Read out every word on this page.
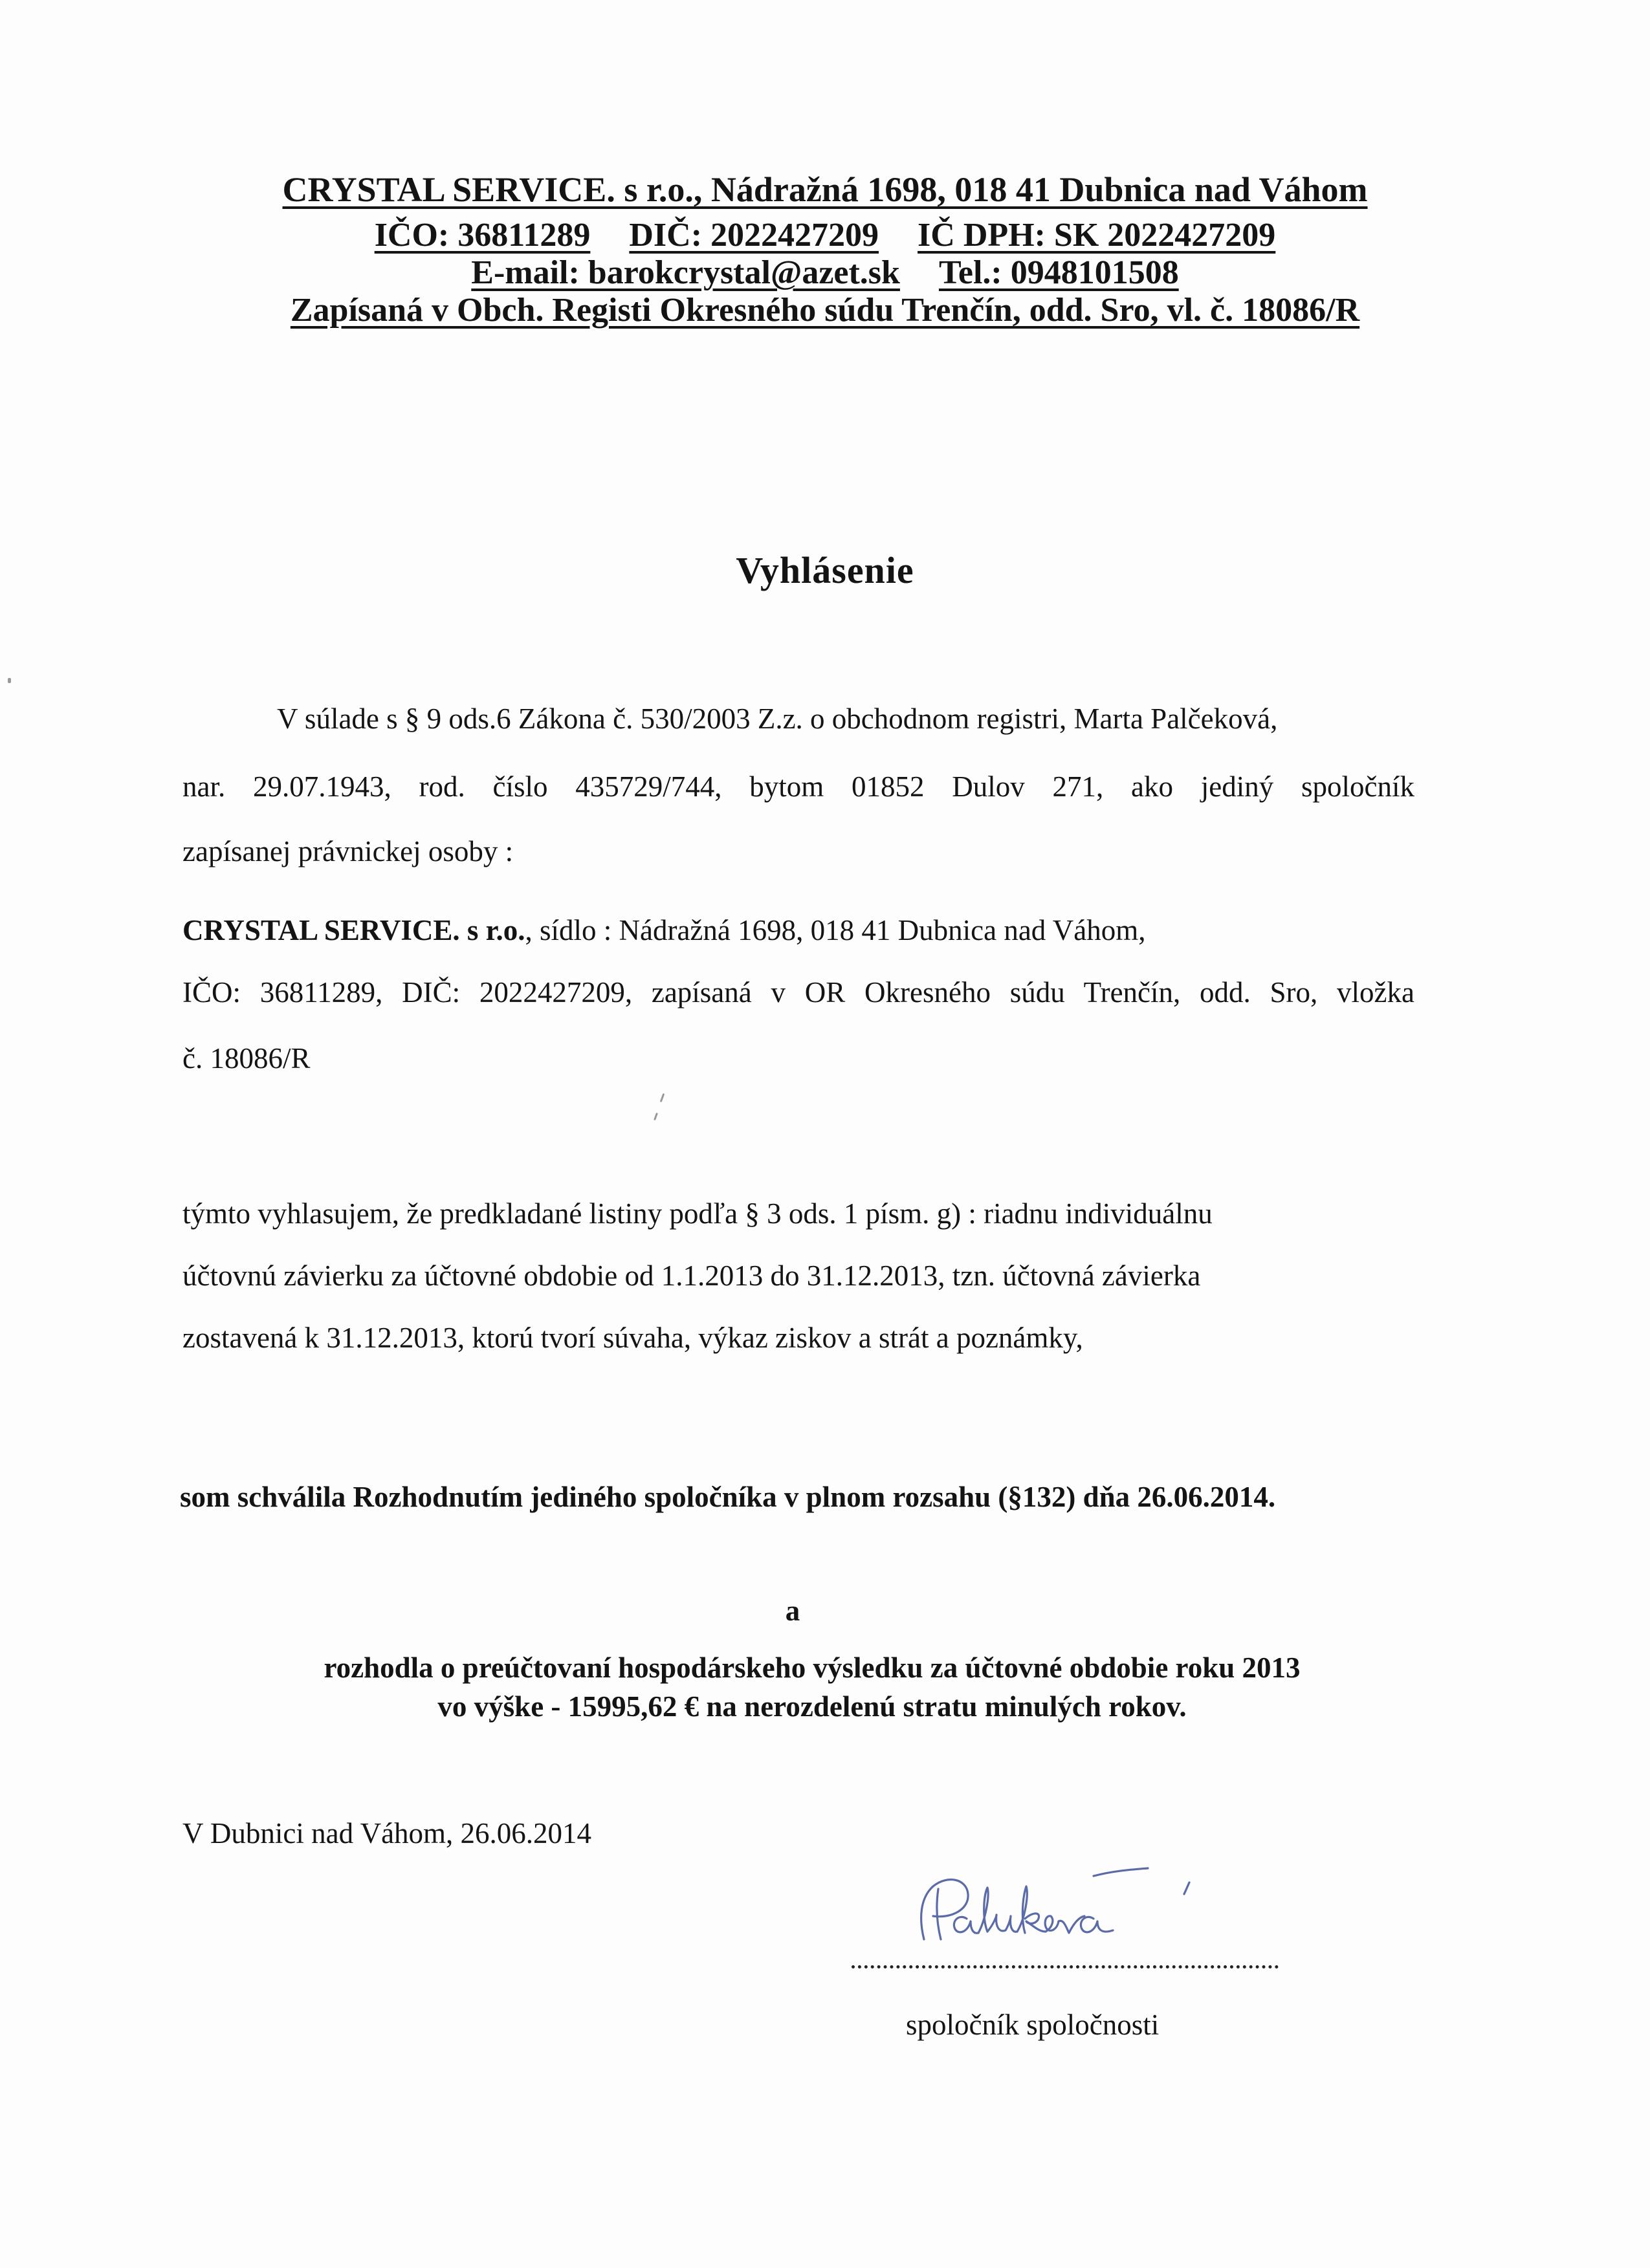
CRYSTAL SERVICE. s r.o., Nádražná 1698, 018 41 Dubnica nad Váhom
IČO: 36811289 DIČ: 2022427209 IČ DPH: SK 2022427209
E-mail: barokcrystal@azet.sk Tel.: 0948101508
Zapísaná v Obch. Registi Okresného súdu Trenčín, odd. Sro, vl. č. 18086/R
Vyhlásenie
V súlade s § 9 ods.6 Zákona č. 530/2003 Z.z. o obchodnom registri, Marta Palčeková,
nar. 29.07.1943, rod. číslo 435729/744, bytom 01852 Dulov 271, ako jediný spoločník
zapísanej právnickej osoby :
CRYSTAL SERVICE. s r.o., sídlo : Nádražná 1698, 018 41 Dubnica nad Váhom,
IČO: 36811289, DIČ: 2022427209, zapísaná v OR Okresného súdu Trenčín, odd. Sro, vložka
č. 18086/R
týmto vyhlasujem, že predkladané listiny podľa § 3 ods. 1 písm. g) : riadnu individuálnu
účtovnú závierku za účtovné obdobie od 1.1.2013 do 31.12.2013, tzn. účtovná závierka
zostavená k 31.12.2013, ktorú tvorí súvaha, výkaz ziskov a strát a poznámky,
som schválila Rozhodnutím jediného spoločníka v plnom rozsahu (§132) dňa 26.06.2014.
a
rozhodla o preúčtovaní hospodárskeho výsledku za účtovné obdobie roku 2013
vo výške - 15995,62 € na nerozdelenú stratu minulých rokov.
V Dubnici nad Váhom, 26.06.2014
spoločník spoločnosti
